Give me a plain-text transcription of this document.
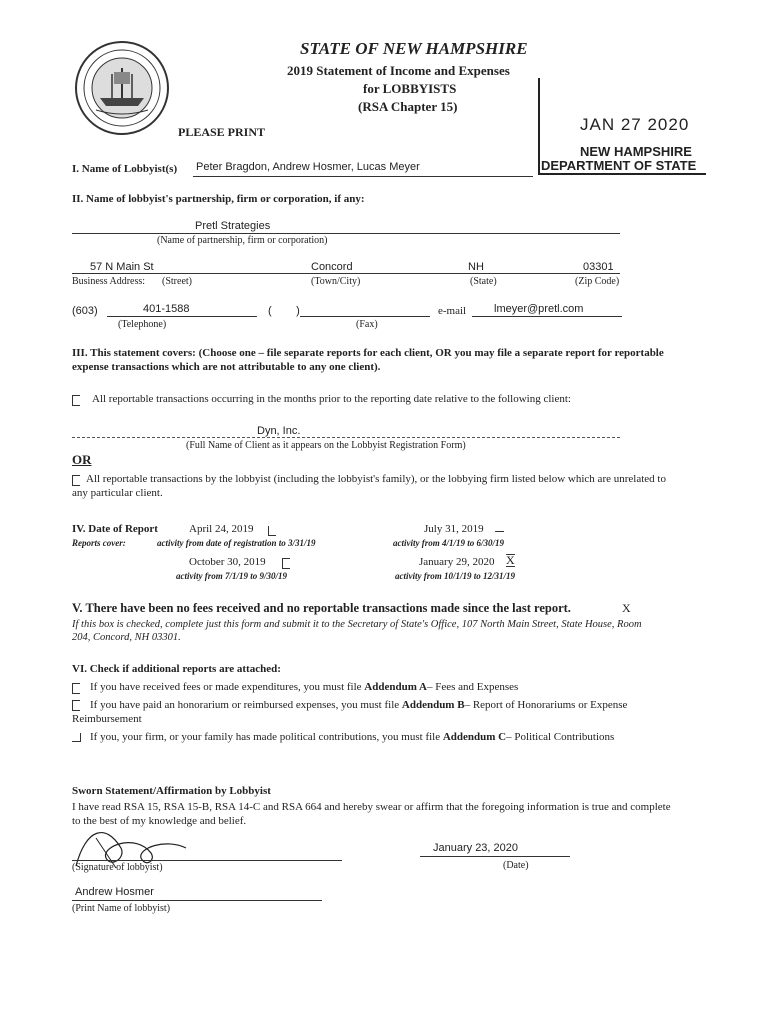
STATE OF NEW HAMPSHIRE
2019 Statement of Income and Expenses
for LOBBYISTS
(RSA Chapter 15)
PLEASE PRINT	JAN 27 2020
NEW HAMPSHIRE
DEPARTMENT OF STATE
I. Name of Lobbyist(s) Peter Bragdon, Andrew Hosmer, Lucas Meyer
II. Name of lobbyist's partnership, firm or corporation, if any:
Pretl Strategies
(Name of partnership, firm or corporation)
57 N Main St	Concord	NH	03301
Business Address: (Street)	(Town/City)	(State)	(Zip Code)
(603)	401-1588	(        )	e-mail	lmeyer@pretl.com
(Telephone)	(Fax)
III. This statement covers: (Choose one – file separate reports for each client, OR you may file a separate report for reportable expense transactions which are not attributable to any one client).
All reportable transactions occurring in the months prior to the reporting date relative to the following client:
Dyn, Inc.
(Full Name of Client as it appears on the Lobbyist Registration Form)
OR
All reportable transactions by the lobbyist (including the lobbyist's family), or the lobbying firm listed below which are unrelated to any particular client.
IV. Date of Report
Reports cover:
April 24, 2019
activity from date of registration to 3/31/19
July 31, 2019
activity from 4/1/19 to 6/30/19
October 30, 2019
activity from 7/1/19 to 9/30/19
January 29, 2020 X
activity from 10/1/19 to 12/31/19
V. There have been no fees received and no reportable transactions made since the last report.	X
If this box is checked, complete just this form and submit it to the Secretary of State's Office, 107 North Main Street, State House, Room 204, Concord, NH 03301.
VI. Check if additional reports are attached:
If you have received fees or made expenditures, you must file Addendum A– Fees and Expenses
If you have paid an honorarium or reimbursed expenses, you must file Addendum B– Report of Honorariums or Expense Reimbursement
If you, your firm, or your family has made political contributions, you must file Addendum C– Political Contributions
Sworn Statement/Affirmation by Lobbyist
I have read RSA 15, RSA 15-B, RSA 14-C and RSA 664 and hereby swear or affirm that the foregoing information is true and complete to the best of my knowledge and belief.
(Signature of lobbyist)
January 23, 2020
(Date)
Andrew Hosmer
(Print Name of lobbyist)
